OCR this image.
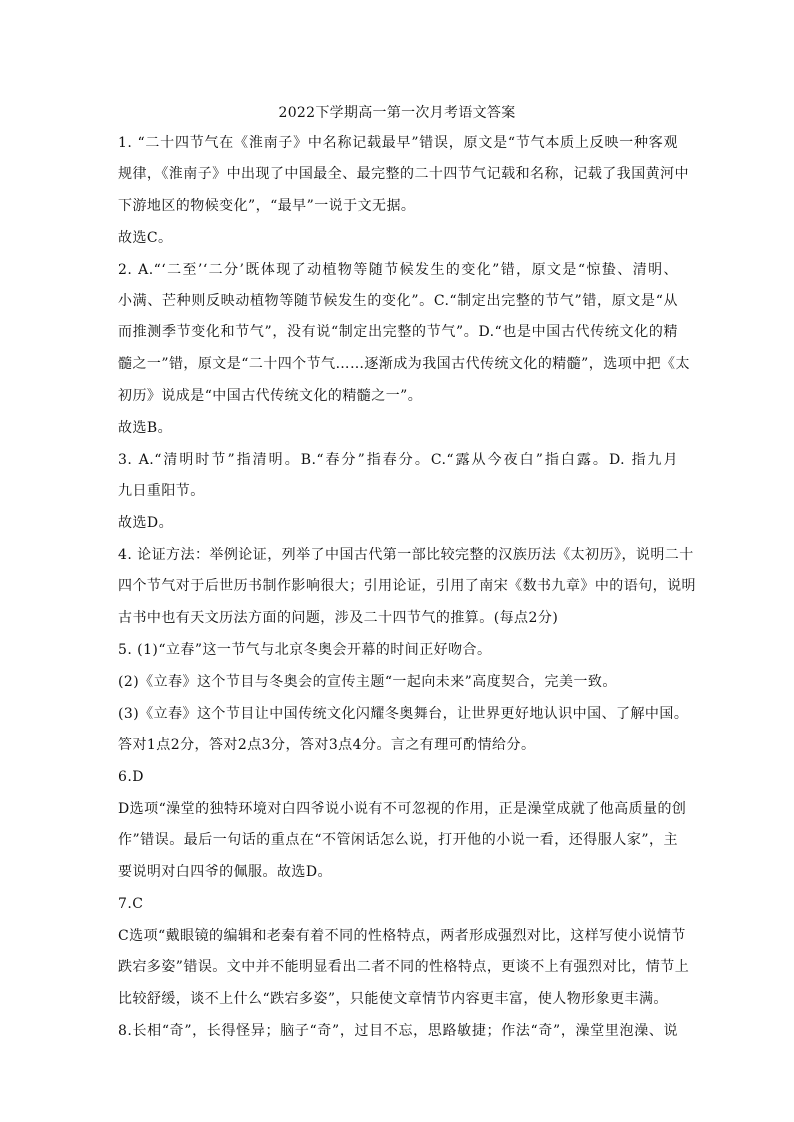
2022下学期高一第一次月考语文答案
1. “二十四节气在《淮南子》中名称记载最早”错误，原文是“节气本质上反映一种客观
规律，《淮南子》中出现了中国最全、最完整的二十四节气记载和名称，记载了我国黄河中
下游地区的物候变化”，“最早”一说于文无据。
故选C。
2. A.“‘二至’‘二分’既体现了动植物等随节候发生的变化”错，原文是“惊蛰、清明、
小满、芒种则反映动植物等随节候发生的变化”。C.“制定出完整的节气”错，原文是“从
而推测季节变化和节气”，没有说“制定出完整的节气”。D.“也是中国古代传统文化的精
髓之一”错，原文是“二十四个节气……逐渐成为我国古代传统文化的精髓”，选项中把《太
初历》说成是“中国古代传统文化的精髓之一”。
故选B。
3. A.“清明时节”指清明。B.“春分”指春分。C.“露从今夜白”指白露。D. 指九月
九日重阳节。
故选D。
4. 论证方法：举例论证，列举了中国古代第一部比较完整的汉族历法《太初历》，说明二十
四个节气对于后世历书制作影响很大；引用论证，引用了南宋《数书九章》中的语句，说明
古书中也有天文历法方面的问题，涉及二十四节气的推算。(每点2分)
5. (1)“立春”这一节气与北京冬奥会开幕的时间正好吻合。
(2)《立春》这个节目与冬奥会的宣传主题“一起向未来”高度契合，完美一致。
(3)《立春》这个节目让中国传统文化闪耀冬奥舞台，让世界更好地认识中国、了解中国。
答对1点2分，答对2点3分，答对3点4分。言之有理可酌情给分。
6.D
D选项“澡堂的独特环境对白四爷说小说有不可忽视的作用，正是澡堂成就了他高质量的创
作”错误。最后一句话的重点在“不管闲话怎么说，打开他的小说一看，还得服人家”，主
要说明对白四爷的佩服。故选D。
7.C
C选项“戴眼镜的编辑和老秦有着不同的性格特点，两者形成强烈对比，这样写使小说情节
跌宕多姿”错误。文中并不能明显看出二者不同的性格特点，更谈不上有强烈对比，情节上
比较舒缓，谈不上什么“跌宕多姿”，只能使文章情节内容更丰富，使人物形象更丰满。
8.长相“奇”，长得怪异；脑子“奇”，过目不忘，思路敏捷；作法“奇”，澡堂里泡澡、说
